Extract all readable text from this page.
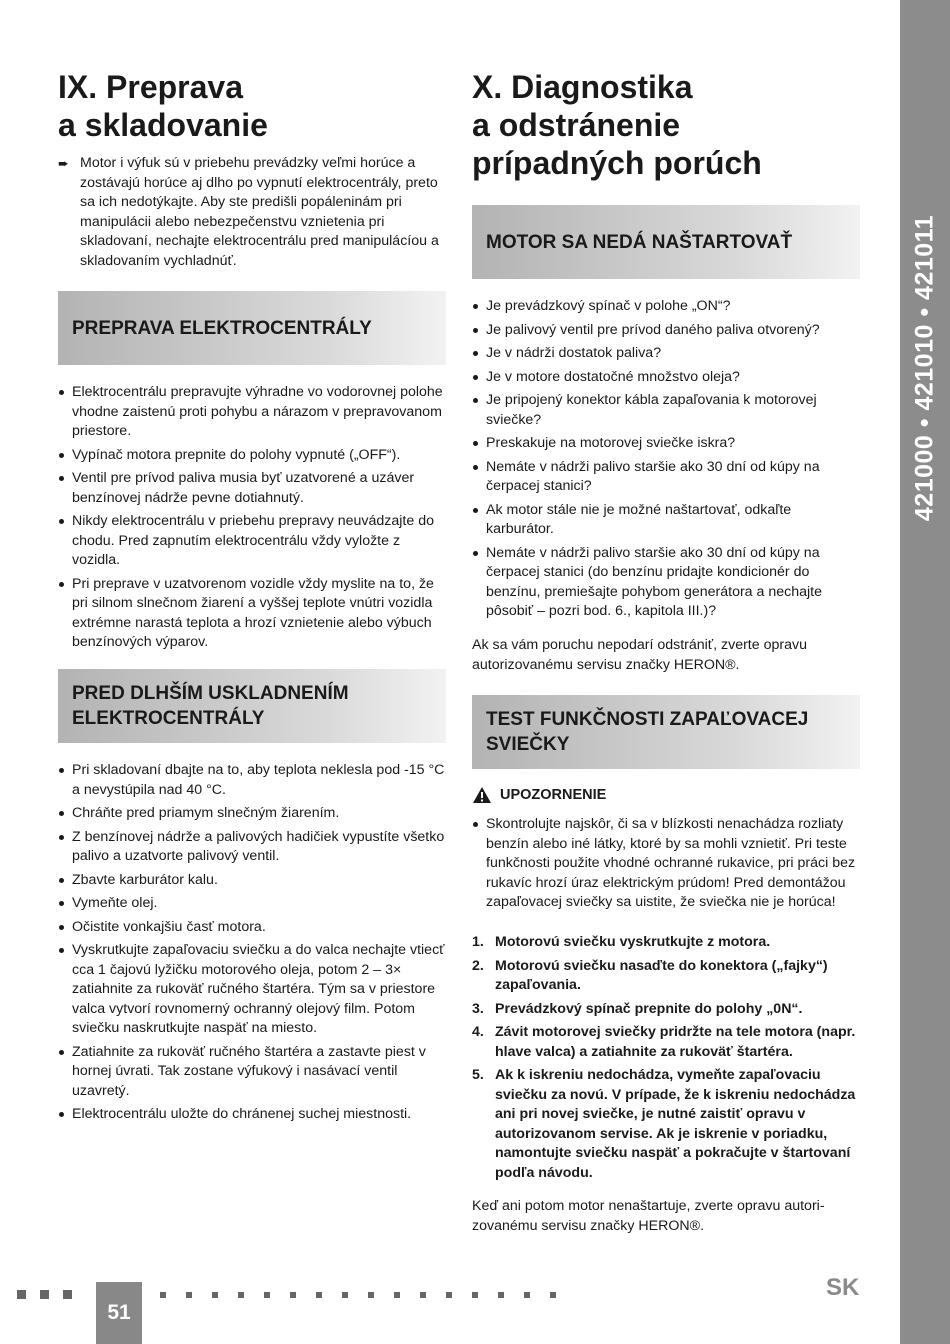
421000 • 421010 • 421011
IX. Preprava
a skladovanie
➨ Motor i výfuk sú v priebehu prevádzky veľmi horúce a zostávajú horúce aj dlho po vypnutí elektrocentrály, preto sa ich nedotýkajte. Aby ste predišli popáleninám pri manipulácii alebo nebezpečenstvu vznietenia pri skladovaní, nechajte elektrocentrálu pred manipulácíou a skladovaním vychladnúť.
PREPRAVA ELEKTROCENTRÁLY
Elektrocentrálu prepravujte výhradne vo vodorovnej polohe vhodne zaistenú proti pohybu a nárazom v prepravovanom priestore.
Vypínač motora prepnite do polohy vypnuté („OFF“).
Ventil pre prívod paliva musia byť uzatvorené a uzáver benzínovej nádrže pevne dotiahnutý.
Nikdy elektrocentrálu v priebehu prepravy neuvádzajte do chodu. Pred zapnutím elektrocentrálu vždy vyložte z vozidla.
Pri preprave v uzatvorenom vozidle vždy myslite na to, že pri silnom slnečnom žiarení a vyššej teplote vnútri vozidla extrémne narastá teplota a hrozí vznietenie alebo výbuch benzínových výparov.
PRED DLHŠÍM USKLADNENÍM
ELEKTROCENTRÁLY
Pri skladovaní dbajte na to, aby teplota neklesla pod -15 °C a nevystúpila nad 40 °C.
Chráňte pred priamym slnečným žiarením.
Z benzínovej nádrže a palivových hadičiek vypustíte všetko palivo a uzatvorte palivový ventil.
Zbavte karburátor kalu.
Vymeňte olej.
Očistite vonkajšiu časť motora.
Vyskrutkujte zapaľovaciu sviečku a do valca nechajte vtiecť cca 1 čajovú lyžičku motorového oleja, potom 2 – 3× zatiahnite za rukoväť ručného štartéra. Tým sa v priestore valca vytvorí rovnomerný ochranný olejový film. Potom sviečku naskrutkujte naspäť na miesto.
Zatiahnite za rukoväť ručného štartéra a zastavte piest v hornej úvrati. Tak zostane výfukový i nasávací ventil uzavretý.
Elektrocentrálu uložte do chránenej suchej miestnosti.
X. Diagnostika
a odstránenie
prípadných porúch
MOTOR SA NEDÁ NAŠTARTOVAŤ
Je prevádzkový spínač v polohe „ON“?
Je palivový ventil pre prívod daného paliva otvorený?
Je v nádrži dostatok paliva?
Je v motore dostatočné množstvo oleja?
Je pripojený konektor kábla zapaľovania k motorovej sviečke?
Preskakuje na motorovej sviečke iskra?
Nemáte v nádrži palivo staršie ako 30 dní od kúpy na čerpacej stanici?
Ak motor stále nie je možné naštartovať, odkaľte karburátor.
Nemáte v nádrži palivo staršie ako 30 dní od kúpy na čerpacej stanici (do benzínu pridajte kondicionér do benzínu, premiešajte pohybom generátora a nechajte pôsobiť – pozri bod. 6., kapitola III.)?

Ak sa vám poruchu nepodarí odstrániť, zverte opravu autorizovanému servisu značky HERON®.

TEST FUNKČNOSTI ZAPAĽOVACEJ
SVIEČKY
UPOZORNENIE
Skontrolujte najskôr, či sa v blízkosti nenachádza rozliaty benzín alebo iné látky, ktoré by sa mohli vznietiť. Pri teste funkčnosti použite vhodné ochranné rukavice, pri práci bez rukavíc hrozí úraz elektrickým prúdom! Pred demontážou zapaľovacej sviečky sa uistite, že sviečka nie je horúca!
1. Motorovú sviečku vyskrutkujte z motora.
2. Motorovú sviečku nasaďte do konektora („fajky“) zapaľovania.
3. Prevádzkový spínač prepnite do polohy „0N“.
4. Závit motorovej sviečky pridržte na tele motora (napr. hlave valca) a zatiahnite za rukoväť štartéra.
5. Ak k iskreniu nedochádza, vymeňte zapaľovaciu sviečku za novú. V prípade, že k iskreniu nedochádza ani pri novej sviečke, je nutné zaistiť opravu v autorizovanom servise. Ak je iskrenie v poriadku, namontujte sviečku naspäť a pokračujte v štartovaní podľa návodu.

Keď ani potom motor nenaštartuje, zverte opravu autorizovanému servisu značky HERON®.

51
SK
